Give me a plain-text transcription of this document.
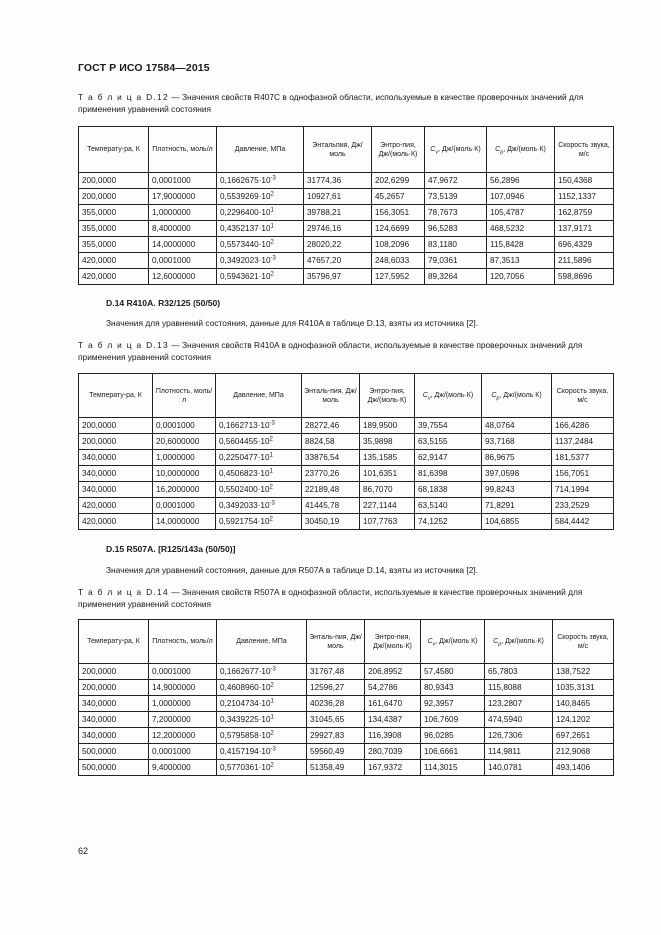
ГОСТ Р ИСО 17584—2015
Т а б л и ц а D.12 — Значения свойств R407C в однофазной области, используемые в качестве проверочных значений для применения уравнений состояния
Температу-ра, К	Плотность, моль/л	Давление, МПа	Энтальпия, Дж/моль	Энтро-пия, Дж/(моль·К)	$C_v$, Дж/(моль·К)	$C_p$, Дж/(моль·К)	Скорость звука, м/с
200,0000	0,0001000	$0,1662675\cdot 10^{-3}$	31774,36	202,6299	47,9672	56,2896	150,4368
200,0000	17,9000000	$0,5539269\cdot 10^2$	10927,61	45,2657	73,5139	107,0946	1152,1337
355,0000	1,0000000	$0,2296400\cdot 10^1$	39788,21	156,3051	78,7673	105,4787	162,8759
355,0000	8,4000000	$0,4352137\cdot 10^1$	29746,16	124,6699	96,5283	468,5232	137,9171
355,0000	14,0000000	$0,5573440\cdot 10^2$	28020,22	108,2096	83,1180	115,8428	696,4329
420,0000	0,0001000	$0,3492023\cdot 10^{-3}$	47657,20	248,6033	79,0361	87,3513	211,5896
420,0000	12,6000000	$0,5943621\cdot 10^2$	35796,97	127,5952	89,3264	120,7056	598,8696
D.14 R410A. R32/125 (50/50)
Значения для уравнений состояния, данные для R410A в таблице D.13, взяты из источника [2].
Т а б л и ц а D.13 — Значения свойств R410A в однофазной области, используемые в качестве проверочных значений для применения уравнений состояния
Температу-ра, К	Плотность, моль/л	Давление, МПа	Энталь-пия, Дж/моль	Энтро-пия, Дж/(моль·К)	$C_v$, Дж/(моль·К)	$C_p$, Дж/(моль К)	Скорость звука, м/с
200,0000	0,0001000	$0,1662713\cdot 10^{-3}$	28272,46	189,9500	39,7554	48,0764	166,4286
200,0000	20,6000000	$0,5604455\cdot 10^2$	8824,58	35,9898	63,5155	93,7168	1137,2484
340,0000	1,0000000	$0,2250477\cdot 10^1$	33876,54	135,1585	62,9147	86,9675	181,5377
340,0000	10,0000000	$0,4506823\cdot 10^1$	23770,26	101,6351	81,6398	397,0598	156,7051
340,0000	16,2000000	$0,5502400\cdot 10^2$	22189,48	86,7070	68,1838	99,8243	714,1994
420,0000	0,0001000	$0,3492033\cdot 10^{-3}$	41445,78	227,1144	63,5140	71,8291	233,2529
420,0000	14,0000000	$0,5921754\cdot 10^2$	30450,19	107,7763	74,1252	104,6855	584,4442
D.15 R507A. [R125/143a (50/50)]
Значения для уравнений состояния, данные для R507A в таблице D.14, взяты из источника [2].
Т а б л и ц а D.14 — Значения свойств R507A в однофазной области, используемые в качестве проверочных значений для применения уравнений состояния
Температу-ра, К	Плотность, моль/л	Давление, МПа	Энталь-пия, Дж/моль	Энтро-пия, Дж/(моль·К)	$C_v$, Дж/(моль К)	$C_p$, Дж/(моль·К)	Скорость звука, м/с
200,0000	0,0001000	$0,1662677\cdot 10^{-3}$	31767,48	206,8952	57,4580	65,7803	138,7522
200,0000	14,9000000	$0,4608960\cdot 10^2$	12596,27	54,2786	80,9343	115,8088	1035,3131
340,0000	1,0000000	$0,2104734\cdot 10^1$	40236,28	161,6470	92,3957	123,2807	140,8465
340,0000	7,2000000	$0,3439225\cdot 10^1$	31045,65	134,4387	106,7609	474,5940	124,1202
340,0000	12,2000000	$0,5795858\cdot 10^2$	29927,83	116,3908	96,0285	126,7306	697,2651
500,0000	0,0001000	$0,4157194\cdot 10^{-3}$	59560,49	280,7039	106,6661	114,9811	212,9068
500,0000	9,4000000	$0,5770361\cdot 10^2$	51358,49	167,9372	114,3015	140,0781	493,1406
62
